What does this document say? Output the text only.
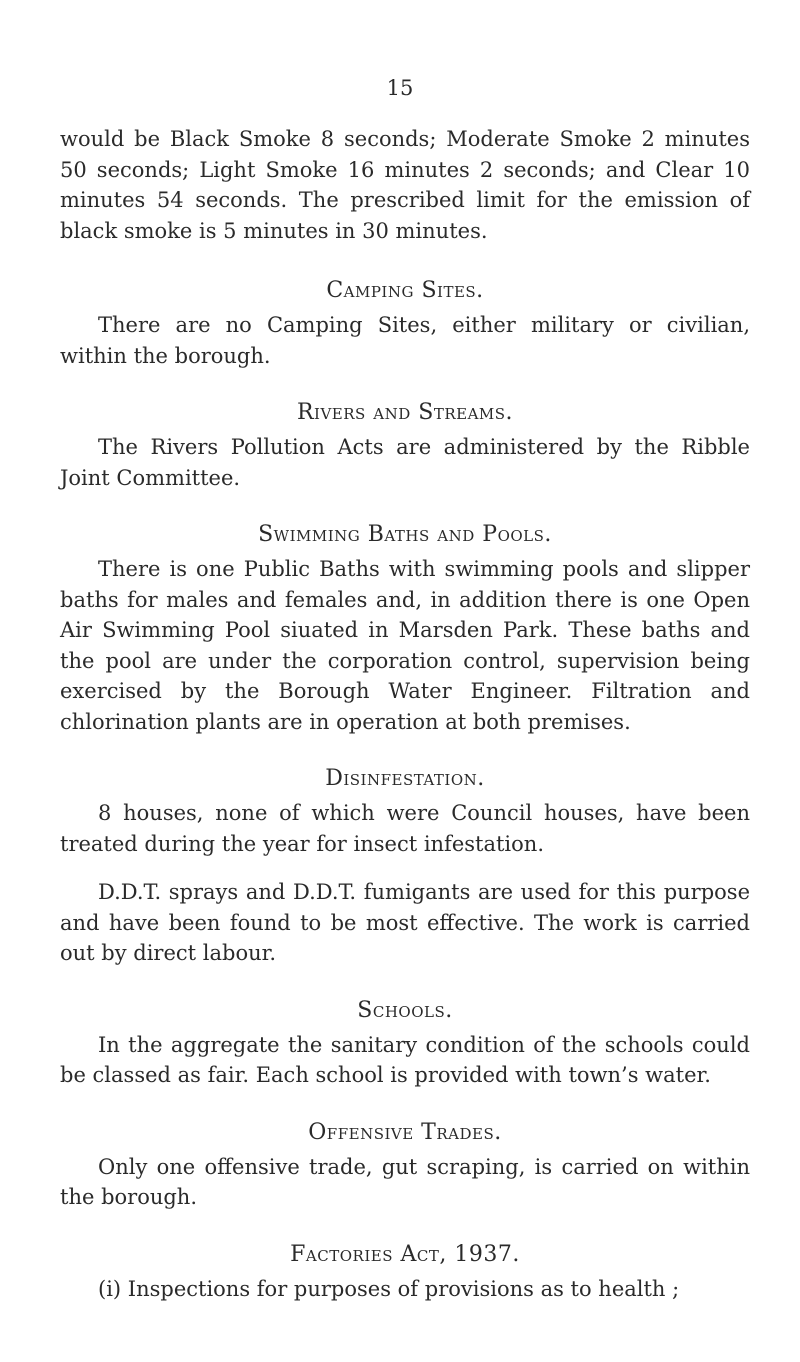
15

would be Black Smoke 8 seconds; Moderate Smoke 2 minutes 50 seconds; Light Smoke 16 minutes 2 seconds; and Clear 10 minutes 54 seconds. The prescribed limit for the emission of black smoke is 5 minutes in 30 minutes.

Camping Sites.

There are no Camping Sites, either military or civilian, within the borough.

Rivers and Streams.

The Rivers Pollution Acts are administered by the Ribble Joint Committee.

Swimming Baths and Pools.

There is one Public Baths with swimming pools and slipper baths for males and females and, in addition there is one Open Air Swimming Pool siuated in Marsden Park. These baths and the pool are under the corporation control, supervision being exercised by the Borough Water Engineer. Filtration and chlorination plants are in operation at both premises.

Disinfestation.

8 houses, none of which were Council houses, have been treated during the year for insect infestation.

D.D.T. sprays and D.D.T. fumigants are used for this purpose and have been found to be most effective. The work is carried out by direct labour.

Schools.

In the aggregate the sanitary condition of the schools could be classed as fair. Each school is provided with town’s water.

Offensive Trades.

Only one offensive trade, gut scraping, is carried on within the borough.

Factories Act, 1937.

(i) Inspections for purposes of provisions as to health ;
